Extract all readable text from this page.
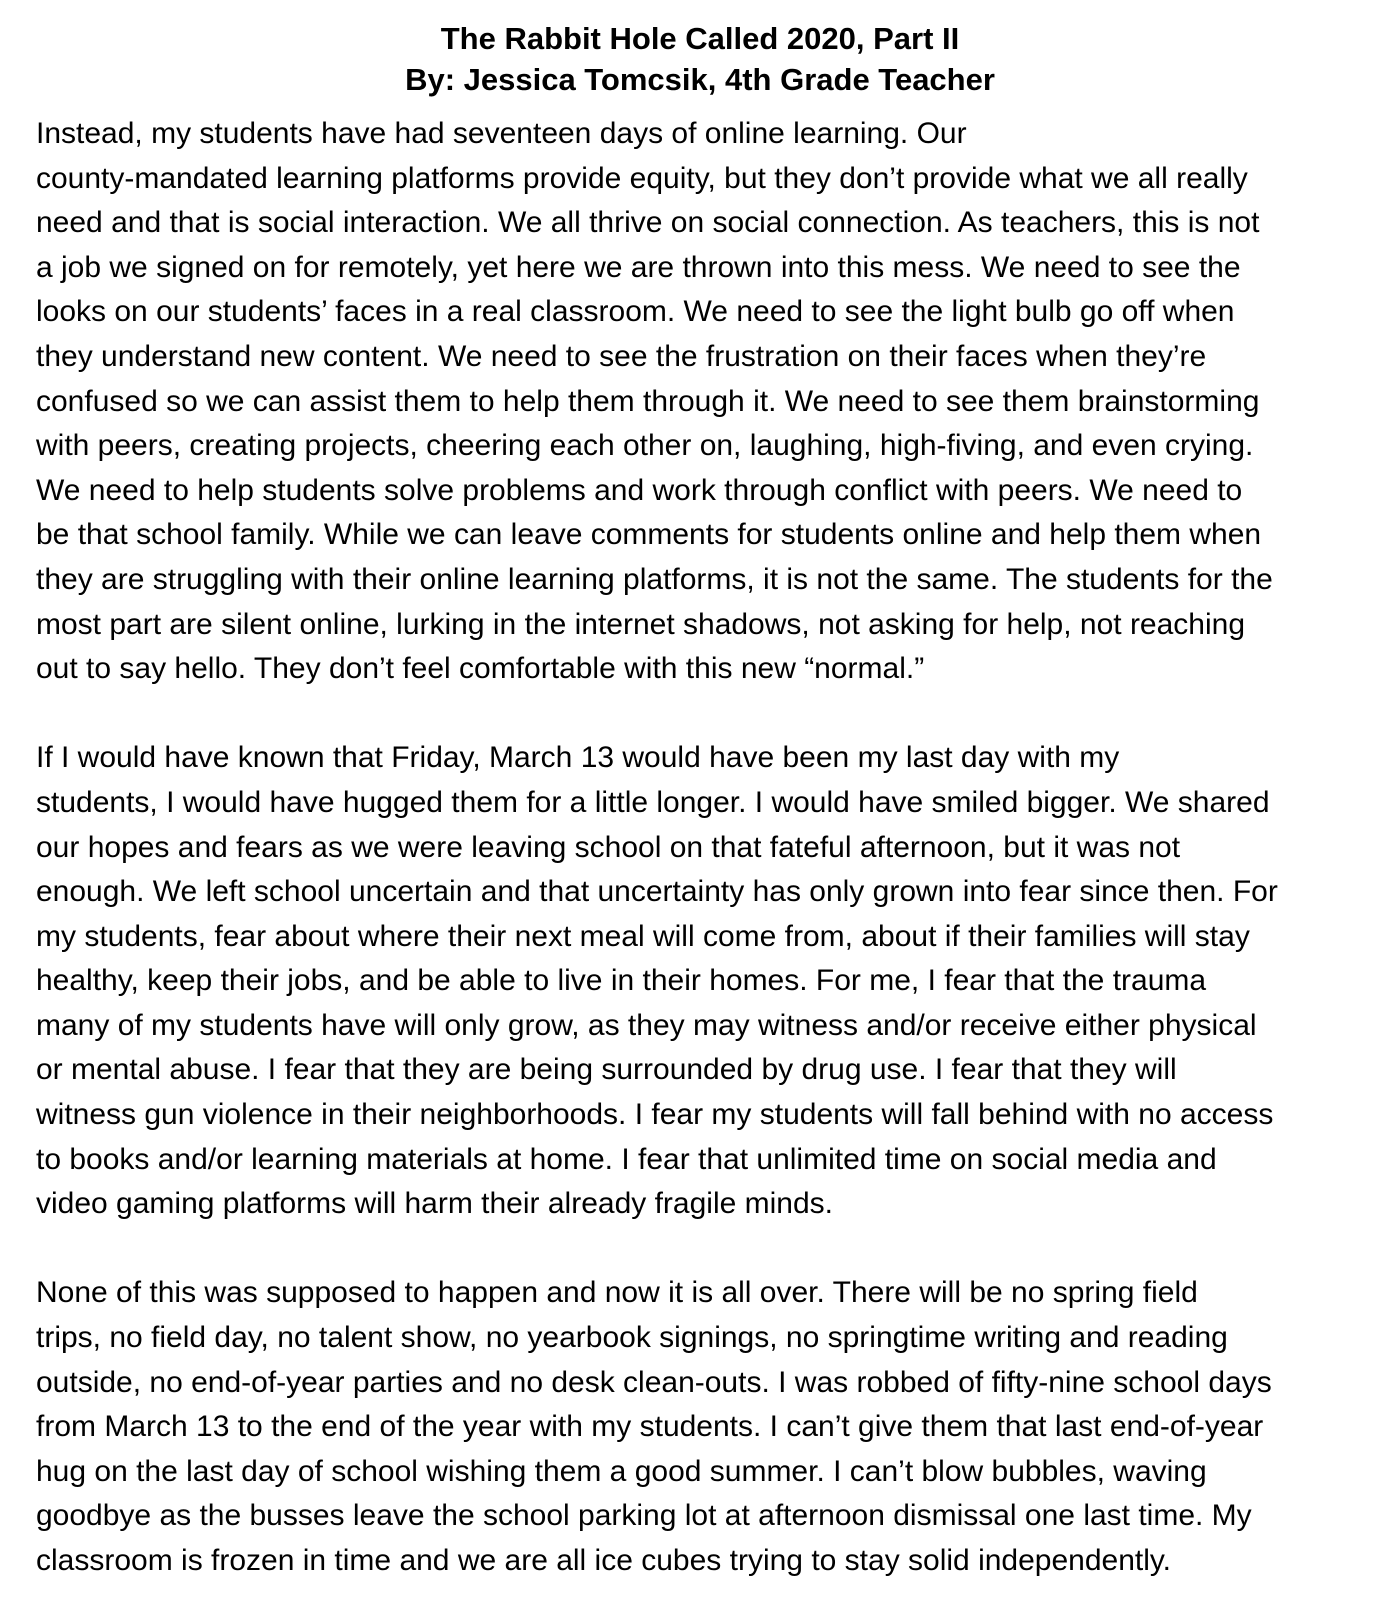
The Rabbit Hole Called 2020, Part II
By: Jessica Tomcsik, 4th Grade Teacher
Instead, my students have had seventeen days of online learning. Our
county-mandated learning platforms provide equity, but they don’t provide what we all really
need and that is social interaction. We all thrive on social connection. As teachers, this is not
a job we signed on for remotely, yet here we are thrown into this mess. We need to see the
looks on our students’ faces in a real classroom. We need to see the light bulb go off when
they understand new content. We need to see the frustration on their faces when they’re
confused so we can assist them to help them through it. We need to see them brainstorming
with peers, creating projects, cheering each other on, laughing, high-fiving, and even crying.
We need to help students solve problems and work through conflict with peers. We need to
be that school family. While we can leave comments for students online and help them when
they are struggling with their online learning platforms, it is not the same. The students for the
most part are silent online, lurking in the internet shadows, not asking for help, not reaching
out to say hello. They don’t feel comfortable with this new “normal.”
If I would have known that Friday, March 13 would have been my last day with my
students, I would have hugged them for a little longer. I would have smiled bigger. We shared
our hopes and fears as we were leaving school on that fateful afternoon, but it was not
enough. We left school uncertain and that uncertainty has only grown into fear since then. For
my students, fear about where their next meal will come from, about if their families will stay
healthy, keep their jobs, and be able to live in their homes. For me, I fear that the trauma
many of my students have will only grow, as they may witness and/or receive either physical
or mental abuse. I fear that they are being surrounded by drug use. I fear that they will
witness gun violence in their neighborhoods. I fear my students will fall behind with no access
to books and/or learning materials at home. I fear that unlimited time on social media and
video gaming platforms will harm their already fragile minds.
None of this was supposed to happen and now it is all over. There will be no spring field
trips, no field day, no talent show, no yearbook signings, no springtime writing and reading
outside, no end-of-year parties and no desk clean-outs. I was robbed of fifty-nine school days
from March 13 to the end of the year with my students. I can’t give them that last end-of-year
hug on the last day of school wishing them a good summer. I can’t blow bubbles, waving
goodbye as the busses leave the school parking lot at afternoon dismissal one last time. My
classroom is frozen in time and we are all ice cubes trying to stay solid independently.
